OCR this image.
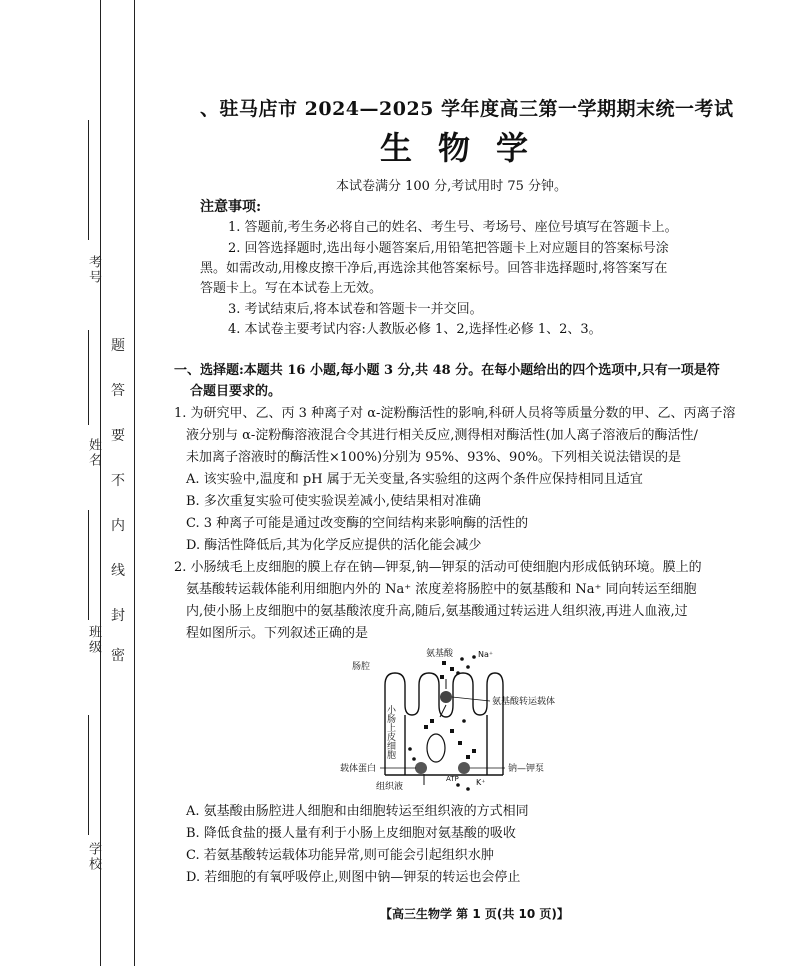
考号
姓名
班级
学校
题
答
要
不
内
线
封
密
、驻马店市 2024—2025 学年度高三第一学期期末统一考试
生物学
本试卷满分 100 分,考试用时 75 分钟。
注意事项:
1. 答题前,考生务必将自己的姓名、考生号、考场号、座位号填写在答题卡上。
2. 回答选择题时,选出每小题答案后,用铅笔把答题卡上对应题目的答案标号涂
黑。如需改动,用橡皮擦干净后,再选涂其他答案标号。回答非选择题时,将答案写在
答题卡上。写在本试卷上无效。
3. 考试结束后,将本试卷和答题卡一并交回。
4. 本试卷主要考试内容:人教版必修 1、2,选择性必修 1、2、3。
一、选择题:本题共 16 小题,每小题 3 分,共 48 分。在每小题给出的四个选项中,只有一项是符
合题目要求的。
1. 为研究甲、乙、丙 3 种离子对 α-淀粉酶活性的影响,科研人员将等质量分数的甲、乙、丙离子溶
液分别与 α-淀粉酶溶液混合令其进行相关反应,测得相对酶活性(加人离子溶液后的酶活性/
未加离子溶液时的酶活性×100%)分别为 95%、93%、90%。下列相关说法错误的是
A. 该实验中,温度和 pH 属于无关变量,各实验组的这两个条件应保持相同且适宜
B. 多次重复实验可使实验误差减小,使结果相对准确
C. 3 种离子可能是通过改变酶的空间结构来影响酶的活性的
D. 酶活性降低后,其为化学反应提供的活化能会减少
2. 小肠绒毛上皮细胞的膜上存在钠—钾泵,钠—钾泵的活动可使细胞内形成低钠环境。膜上的
氨基酸转运载体能利用细胞内外的 Na⁺ 浓度差将肠腔中的氨基酸和 Na⁺ 同向转运至细胞
内,使小肠上皮细胞中的氨基酸浓度升高,随后,氨基酸通过转运进人组织液,再进人血液,过
程如图所示。下列叙述正确的是
氨基酸	Na⁺
肠腔
氨基酸转运载体
小肠上皮细胞
载体蛋白	钠—钾泵
组织液
ATP K⁺
A. 氨基酸由肠腔进人细胞和由细胞转运至组织液的方式相同
B. 降低食盐的摄人量有利于小肠上皮细胞对氨基酸的吸收
C. 若氨基酸转运载体功能异常,则可能会引起组织水肿
D. 若细胞的有氧呼吸停止,则图中钠—钾泵的转运也会停止
【高三生物学 第 1 页(共 10 页)】
